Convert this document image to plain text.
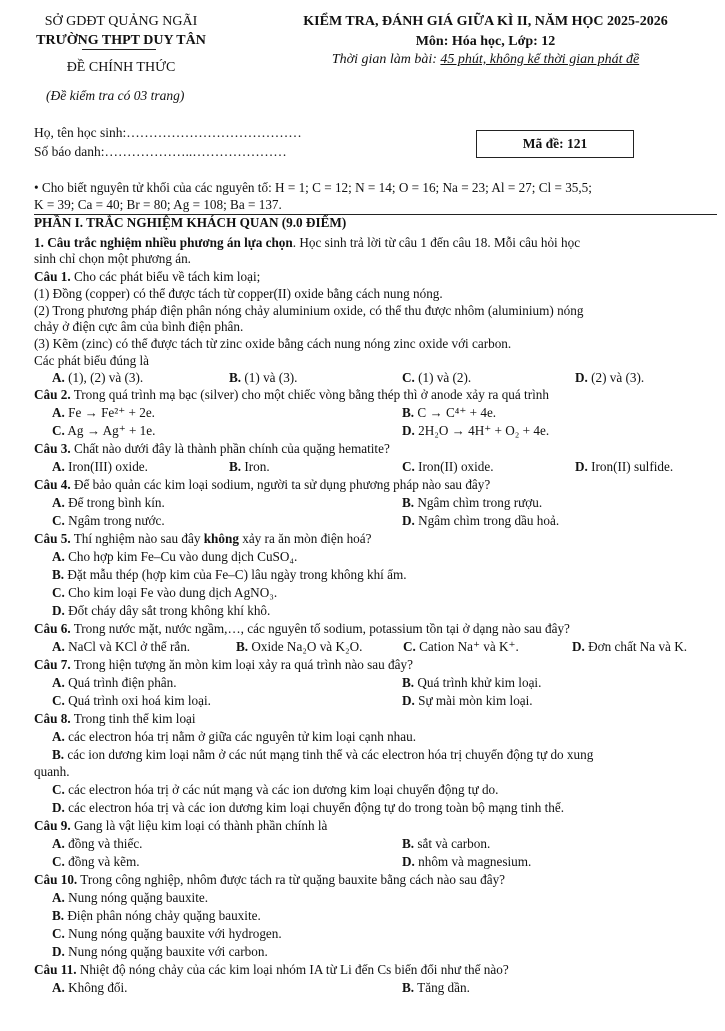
SỞ GDĐT QUẢNG NGÃI
TRƯỜNG THPT DUY TÂN
ĐỀ CHÍNH THỨC
(Đề kiểm tra có 03 trang)
KIỂM TRA, ĐÁNH GIÁ GIỮA KÌ II, NĂM HỌC 2025-2026
Môn: Hóa học, Lớp: 12
Thời gian làm bài: 45 phút, không kể thời gian phát đề
Họ, tên học sinh:…………………………………
Số báo danh:………………..…………………
Mã đề: 121
• Cho biết nguyên tử khối của các nguyên tố: H = 1; C = 12; N = 14; O = 16; Na = 23; Al = 27; Cl = 35,5;
K = 39; Ca = 40; Br = 80; Ag = 108; Ba = 137.
PHẦN I. TRẮC NGHIỆM KHÁCH QUAN (9.0 ĐIỂM)
1. Câu trắc nghiệm nhiều phương án lựa chọn. Học sinh trả lời từ câu 1 đến câu 18. Mỗi câu hỏi học
sinh chỉ chọn một phương án.
Câu 1. Cho các phát biểu về tách kim loại;
(1) Đồng (copper) có thể được tách từ copper(II) oxide bằng cách nung nóng.
(2) Trong phương pháp điện phân nóng chảy aluminium oxide, có thể thu được nhôm (aluminium) nóng
chảy ở điện cực âm của bình điện phân.
(3) Kẽm (zinc) có thể được tách từ zinc oxide bằng cách nung nóng zinc oxide với carbon.
Các phát biểu đúng là
A. (1), (2) và (3).	B. (1) và (3).	C. (1) và (2).	D. (2) và (3).
Câu 2. Trong quá trình mạ bạc (silver) cho một chiếc vòng bằng thép thì ở anode xảy ra quá trình
A. Fe → Fe²⁺ + 2e.	B. C → C⁴⁺ + 4e.
C. Ag → Ag⁺ + 1e.	D. 2H₂O → 4H⁺ + O₂ + 4e.
Câu 3. Chất nào dưới đây là thành phần chính của quặng hematite?
A. Iron(III) oxide.	B. Iron.	C. Iron(II) oxide.	D. Iron(II) sulfide.
Câu 4. Để bảo quản các kim loại sodium, người ta sử dụng phương pháp nào sau đây?
A. Để trong bình kín.	B. Ngâm chìm trong rượu.
C. Ngâm trong nước.	D. Ngâm chìm trong dầu hoả.
Câu 5. Thí nghiệm nào sau đây không xảy ra ăn mòn điện hoá?
A. Cho hợp kim Fe–Cu vào dung dịch CuSO₄.
B. Đặt mẫu thép (hợp kim của Fe–C) lâu ngày trong không khí ẩm.
C. Cho kim loại Fe vào dung dịch AgNO₃.
D. Đốt cháy dây sắt trong không khí khô.
Câu 6. Trong nước mặt, nước ngầm,…, các nguyên tố sodium, potassium tồn tại ở dạng nào sau đây?
A. NaCl và KCl ở thể rắn.	B. Oxide Na₂O và K₂O.	C. Cation Na⁺ và K⁺.	D. Đơn chất Na và K.
Câu 7. Trong hiện tượng ăn mòn kim loại xảy ra quá trình nào sau đây?
A. Quá trình điện phân.	B. Quá trình khử kim loại.
C. Quá trình oxi hoá kim loại.	D. Sự mài mòn kim loại.
Câu 8. Trong tinh thể kim loại
A. các electron hóa trị nằm ở giữa các nguyên tử kim loại cạnh nhau.
B. các ion dương kim loại nằm ở các nút mạng tinh thể và các electron hóa trị chuyển động tự do xung
quanh.
C. các electron hóa trị ở các nút mạng và các ion dương kim loại chuyển động tự do.
D. các electron hóa trị và các ion dương kim loại chuyển động tự do trong toàn bộ mạng tinh thể.
Câu 9. Gang là vật liệu kim loại có thành phần chính là
A. đồng và thiếc.	B. sắt và carbon.
C. đồng và kẽm.	D. nhôm và magnesium.
Câu 10. Trong công nghiệp, nhôm được tách ra từ quặng bauxite bằng cách nào sau đây?
A. Nung nóng quặng bauxite.
B. Điện phân nóng chảy quặng bauxite.
C. Nung nóng quặng bauxite với hydrogen.
D. Nung nóng quặng bauxite với carbon.
Câu 11. Nhiệt độ nóng chảy của các kim loại nhóm IA từ Li đến Cs biến đổi như thế nào?
A. Không đổi.	B. Tăng dần.
